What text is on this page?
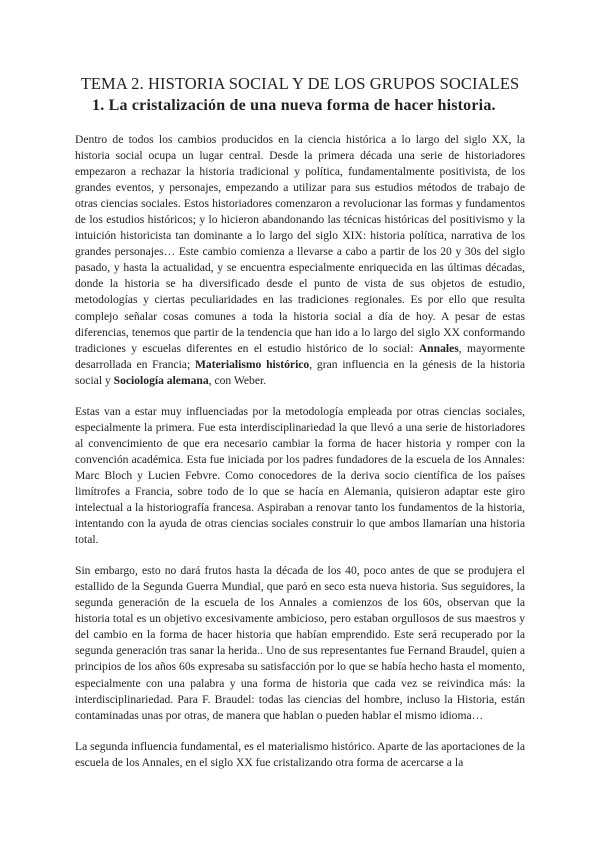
TEMA 2. HISTORIA SOCIAL Y DE LOS GRUPOS SOCIALES
1. La cristalización de una nueva forma de hacer historia.

Dentro de todos los cambios producidos en la ciencia histórica a lo largo del siglo XX, la historia social ocupa un lugar central. Desde la primera década una serie de historiadores empezaron a rechazar la historia tradicional y política, fundamentalmente positivista, de los grandes eventos, y personajes, empezando a utilizar para sus estudios métodos de trabajo de otras ciencias sociales. Estos historiadores comenzaron a revolucionar las formas y fundamentos de los estudios históricos; y lo hicieron abandonando las técnicas históricas del positivismo y la intuición historicista tan dominante a lo largo del siglo XIX: historia política, narrativa de los grandes personajes… Este cambio comienza a llevarse a cabo a partir de los 20 y 30s del siglo pasado, y hasta la actualidad, y se encuentra especialmente enriquecida en las últimas décadas, donde la historia se ha diversificado desde el punto de vista de sus objetos de estudio, metodologías y ciertas peculiaridades en las tradiciones regionales. Es por ello que resulta complejo señalar cosas comunes a toda la historia social a día de hoy. A pesar de estas diferencias, tenemos que partir de la tendencia que han ido a lo largo del siglo XX conformando tradiciones y escuelas diferentes en el estudio histórico de lo social: Annales, mayormente desarrollada en Francia; Materialismo histórico, gran influencia en la génesis de la historia social y Sociología alemana, con Weber.

Estas van a estar muy influenciadas por la metodología empleada por otras ciencias sociales, especialmente la primera. Fue esta interdisciplinariedad la que llevó a una serie de historiadores al convencimiento de que era necesario cambiar la forma de hacer historia y romper con la convención académica. Esta fue iniciada por los padres fundadores de la escuela de los Annales: Marc Bloch y Lucien Febvre. Como conocedores de la deriva socio científica de los países limítrofes a Francia, sobre todo de lo que se hacía en Alemania, quisieron adaptar este giro intelectual a la historiografía francesa. Aspiraban a renovar tanto los fundamentos de la historia, intentando con la ayuda de otras ciencias sociales construir lo que ambos llamarían una historia total.

Sin embargo, esto no dará frutos hasta la década de los 40, poco antes de que se produjera el estallido de la Segunda Guerra Mundial, que paró en seco esta nueva historia. Sus seguidores, la segunda generación de la escuela de los Annales a comienzos de los 60s, observan que la historia total es un objetivo excesivamente ambicioso, pero estaban orgullosos de sus maestros y del cambio en la forma de hacer historia que habían emprendido. Este será recuperado por la segunda generación tras sanar la herida.. Uno de sus representantes fue Fernand Braudel, quien a principios de los años 60s expresaba su satisfacción por lo que se había hecho hasta el momento, especialmente con una palabra y una forma de historia que cada vez se reivindica más: la interdisciplinariedad. Para F. Braudel: todas las ciencias del hombre, incluso la Historia, están contaminadas unas por otras, de manera que hablan o pueden hablar el mismo idioma…

La segunda influencia fundamental, es el materialismo histórico. Aparte de las aportaciones de la escuela de los Annales, en el siglo XX fue cristalizando otra forma de acercarse a la
